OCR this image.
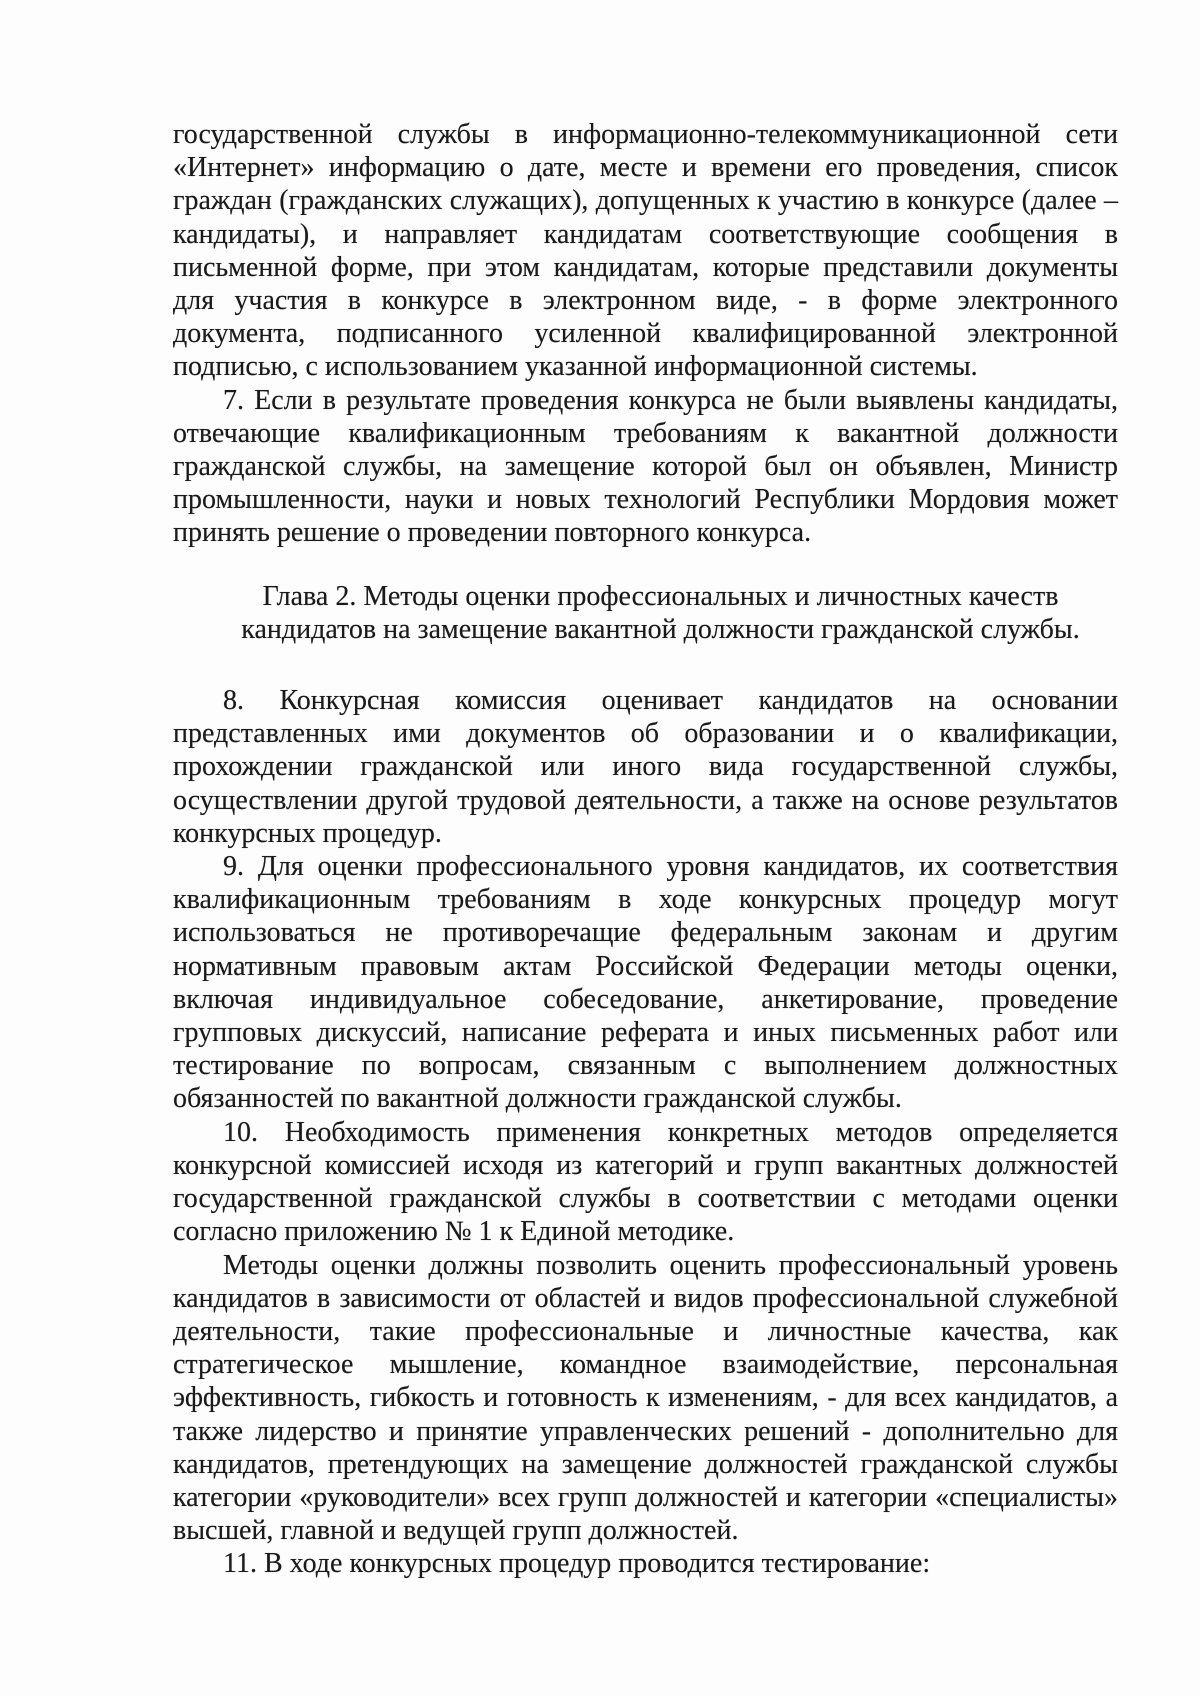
государственной службы в информационно-телекоммуникационной сети «Интернет» информацию о дате, месте и времени его проведения, список граждан (гражданских служащих), допущенных к участию в конкурсе (далее – кандидаты), и направляет кандидатам соответствующие сообщения в письменной форме, при этом кандидатам, которые представили документы для участия в конкурсе в электронном виде, - в форме электронного документа, подписанного усиленной квалифицированной электронной подписью, с использованием указанной информационной системы.

7. Если в результате проведения конкурса не были выявлены кандидаты, отвечающие квалификационным требованиям к вакантной должности гражданской службы, на замещение которой был он объявлен, Министр промышленности, науки и новых технологий Республики Мордовия может принять решение о проведении повторного конкурса.

Глава 2. Методы оценки профессиональных и личностных качеств
кандидатов на замещение вакантной должности гражданской службы.

8. Конкурсная комиссия оценивает кандидатов на основании представленных ими документов об образовании и о квалификации, прохождении гражданской или иного вида государственной службы, осуществлении другой трудовой деятельности, а также на основе результатов конкурсных процедур.

9. Для оценки профессионального уровня кандидатов, их соответствия квалификационным требованиям в ходе конкурсных процедур могут использоваться не противоречащие федеральным законам и другим нормативным правовым актам Российской Федерации методы оценки, включая индивидуальное собеседование, анкетирование, проведение групповых дискуссий, написание реферата и иных письменных работ или тестирование по вопросам, связанным с выполнением должностных обязанностей по вакантной должности гражданской службы.

10. Необходимость применения конкретных методов определяется конкурсной комиссией исходя из категорий и групп вакантных должностей государственной гражданской службы в соответствии с методами оценки согласно приложению № 1 к Единой методике.

Методы оценки должны позволить оценить профессиональный уровень кандидатов в зависимости от областей и видов профессиональной служебной деятельности, такие профессиональные и личностные качества, как стратегическое мышление, командное взаимодействие, персональная эффективность, гибкость и готовность к изменениям, - для всех кандидатов, а также лидерство и принятие управленческих решений - дополнительно для кандидатов, претендующих на замещение должностей гражданской службы категории «руководители» всех групп должностей и категории «специалисты» высшей, главной и ведущей групп должностей.

11. В ходе конкурсных процедур проводится тестирование:
